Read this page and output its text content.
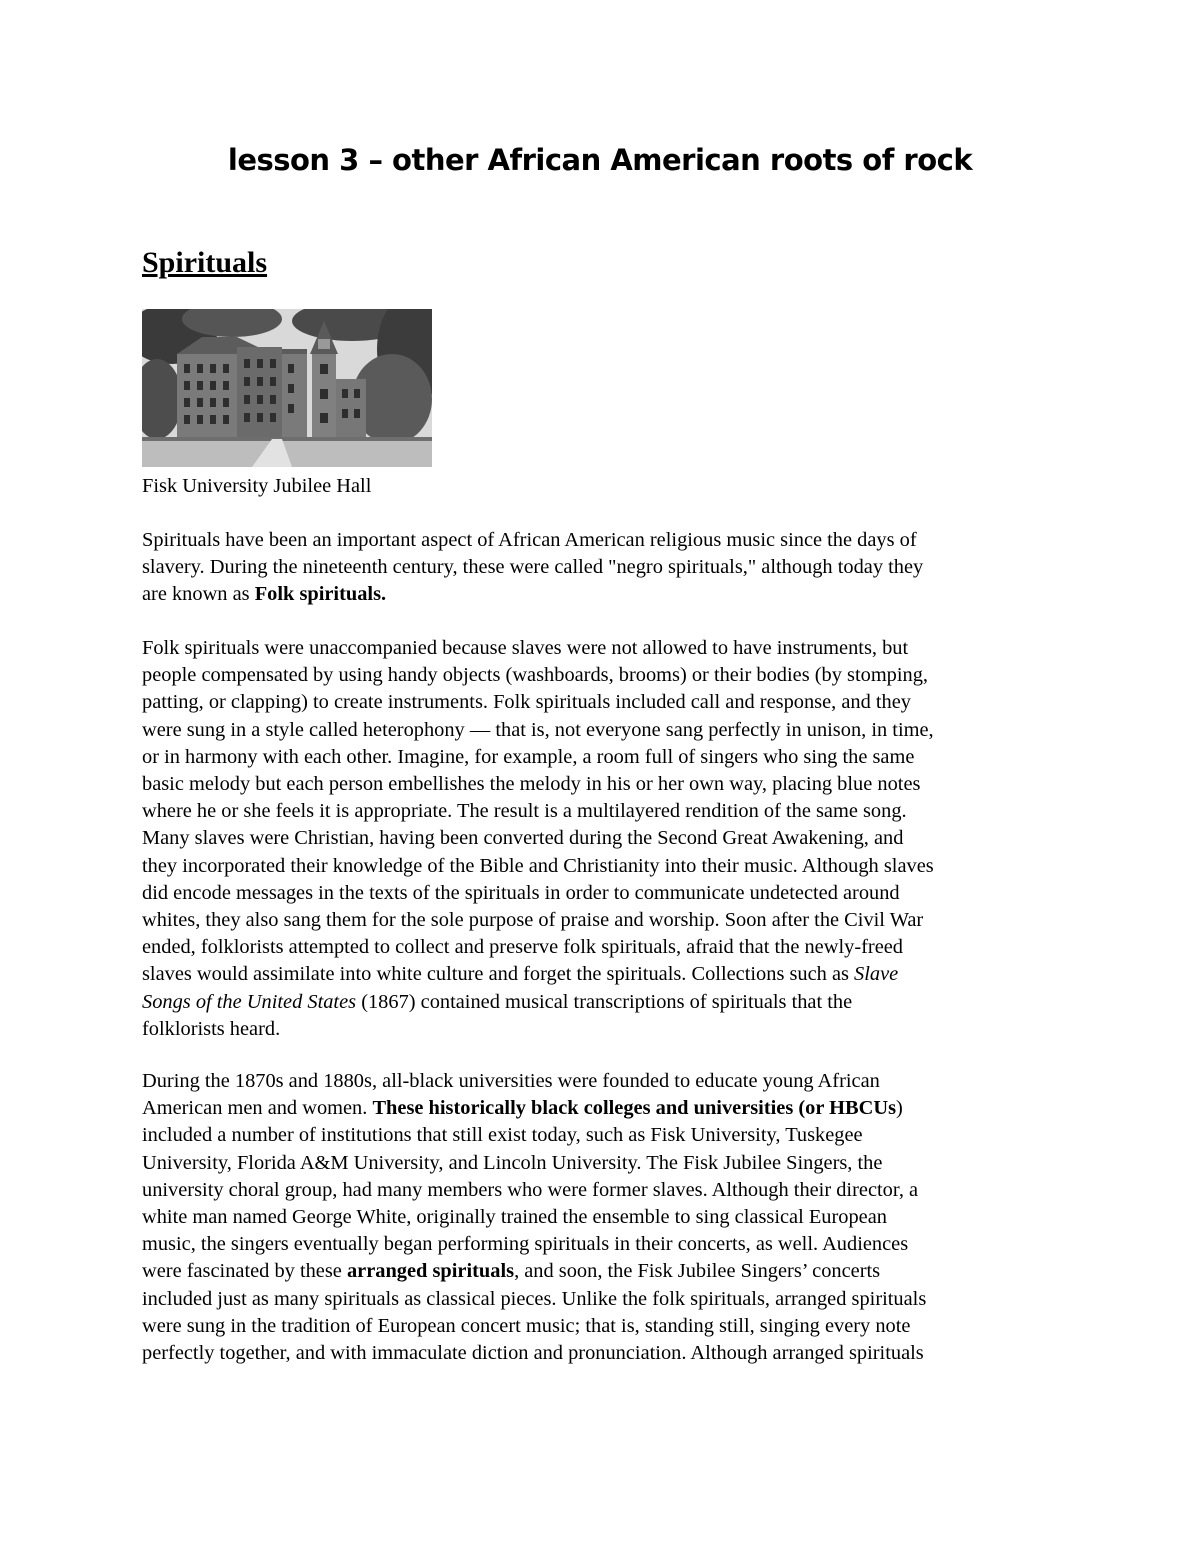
lesson 3 – other African American roots of rock
Spirituals

Fisk University Jubilee Hall

Spirituals have been an important aspect of African American religious music since the days of
slavery. During the nineteenth century, these were called "negro spirituals," although today they
are known as Folk spirituals.

Folk spirituals were unaccompanied because slaves were not allowed to have instruments, but
people compensated by using handy objects (washboards, brooms) or their bodies (by stomping,
patting, or clapping) to create instruments. Folk spirituals included call and response, and they
were sung in a style called heterophony — that is, not everyone sang perfectly in unison, in time,
or in harmony with each other. Imagine, for example, a room full of singers who sing the same
basic melody but each person embellishes the melody in his or her own way, placing blue notes
where he or she feels it is appropriate. The result is a multilayered rendition of the same song.
Many slaves were Christian, having been converted during the Second Great Awakening, and
they incorporated their knowledge of the Bible and Christianity into their music. Although slaves
did encode messages in the texts of the spirituals in order to communicate undetected around
whites, they also sang them for the sole purpose of praise and worship. Soon after the Civil War
ended, folklorists attempted to collect and preserve folk spirituals, afraid that the newly-freed
slaves would assimilate into white culture and forget the spirituals. Collections such as Slave
Songs of the United States (1867) contained musical transcriptions of spirituals that the
folklorists heard.

During the 1870s and 1880s, all-black universities were founded to educate young African
American men and women. These historically black colleges and universities (or HBCUs)
included a number of institutions that still exist today, such as Fisk University, Tuskegee
University, Florida A&M University, and Lincoln University. The Fisk Jubilee Singers, the
university choral group, had many members who were former slaves. Although their director, a
white man named George White, originally trained the ensemble to sing classical European
music, the singers eventually began performing spirituals in their concerts, as well. Audiences
were fascinated by these arranged spirituals, and soon, the Fisk Jubilee Singers’ concerts
included just as many spirituals as classical pieces. Unlike the folk spirituals, arranged spirituals
were sung in the tradition of European concert music; that is, standing still, singing every note
perfectly together, and with immaculate diction and pronunciation. Although arranged spirituals
